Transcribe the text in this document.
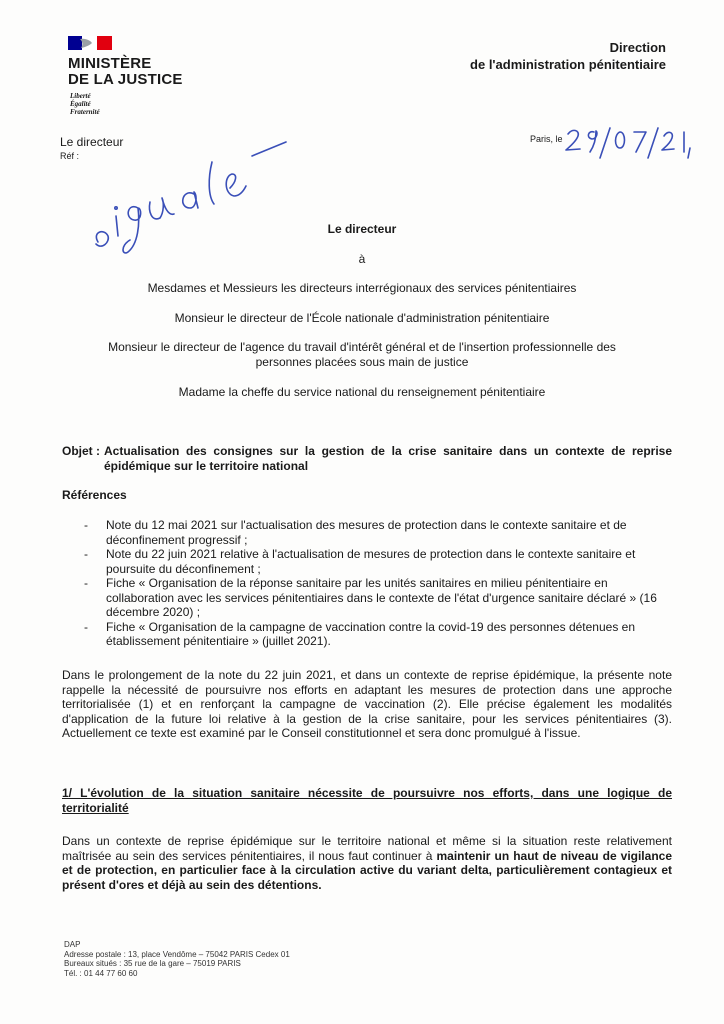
MINISTÈRE
DE LA JUSTICE
Liberté
Égalité
Fraternité
Direction
de l'administration pénitentiaire
Le directeur
Réf :
Paris, le
Le directeur
à
Mesdames et Messieurs les directeurs interrégionaux des services pénitentiaires
Monsieur le directeur de l'École nationale d'administration pénitentiaire
Monsieur le directeur de l'agence du travail d'intérêt général et de l'insertion professionnelle des personnes placées sous main de justice
Madame la cheffe du service national du renseignement pénitentiaire
Objet : Actualisation des consignes sur la gestion de la crise sanitaire dans un contexte de reprise épidémique sur le territoire national
Références
- Note du 12 mai 2021 sur l'actualisation des mesures de protection dans le contexte sanitaire et de déconfinement progressif ;
- Note du 22 juin 2021 relative à l'actualisation de mesures de protection dans le contexte sanitaire et poursuite du déconfinement ;
- Fiche « Organisation de la réponse sanitaire par les unités sanitaires en milieu pénitentiaire en collaboration avec les services pénitentiaires dans le contexte de l'état d'urgence sanitaire déclaré » (16 décembre 2020) ;
- Fiche « Organisation de la campagne de vaccination contre la covid-19 des personnes détenues en établissement pénitentiaire » (juillet 2021).
Dans le prolongement de la note du 22 juin 2021, et dans un contexte de reprise épidémique, la présente note rappelle la nécessité de poursuivre nos efforts en adaptant les mesures de protection dans une approche territorialisée (1) et en renforçant la campagne de vaccination (2). Elle précise également les modalités d'application de la future loi relative à la gestion de la crise sanitaire, pour les services pénitentiaires (3). Actuellement ce texte est examiné par le Conseil constitutionnel et sera donc promulgué à l'issue.
1/ L'évolution de la situation sanitaire nécessite de poursuivre nos efforts, dans une logique de territorialité
Dans un contexte de reprise épidémique sur le territoire national et même si la situation reste relativement maîtrisée au sein des services pénitentiaires, il nous faut continuer à maintenir un haut de niveau de vigilance et de protection, en particulier face à la circulation active du variant delta, particulièrement contagieux et présent d'ores et déjà au sein des détentions.
DAP
Adresse postale : 13, place Vendôme – 75042 PARIS Cedex 01
Bureaux situés : 35 rue de la gare – 75019 PARIS
Tél. : 01 44 77 60 60
